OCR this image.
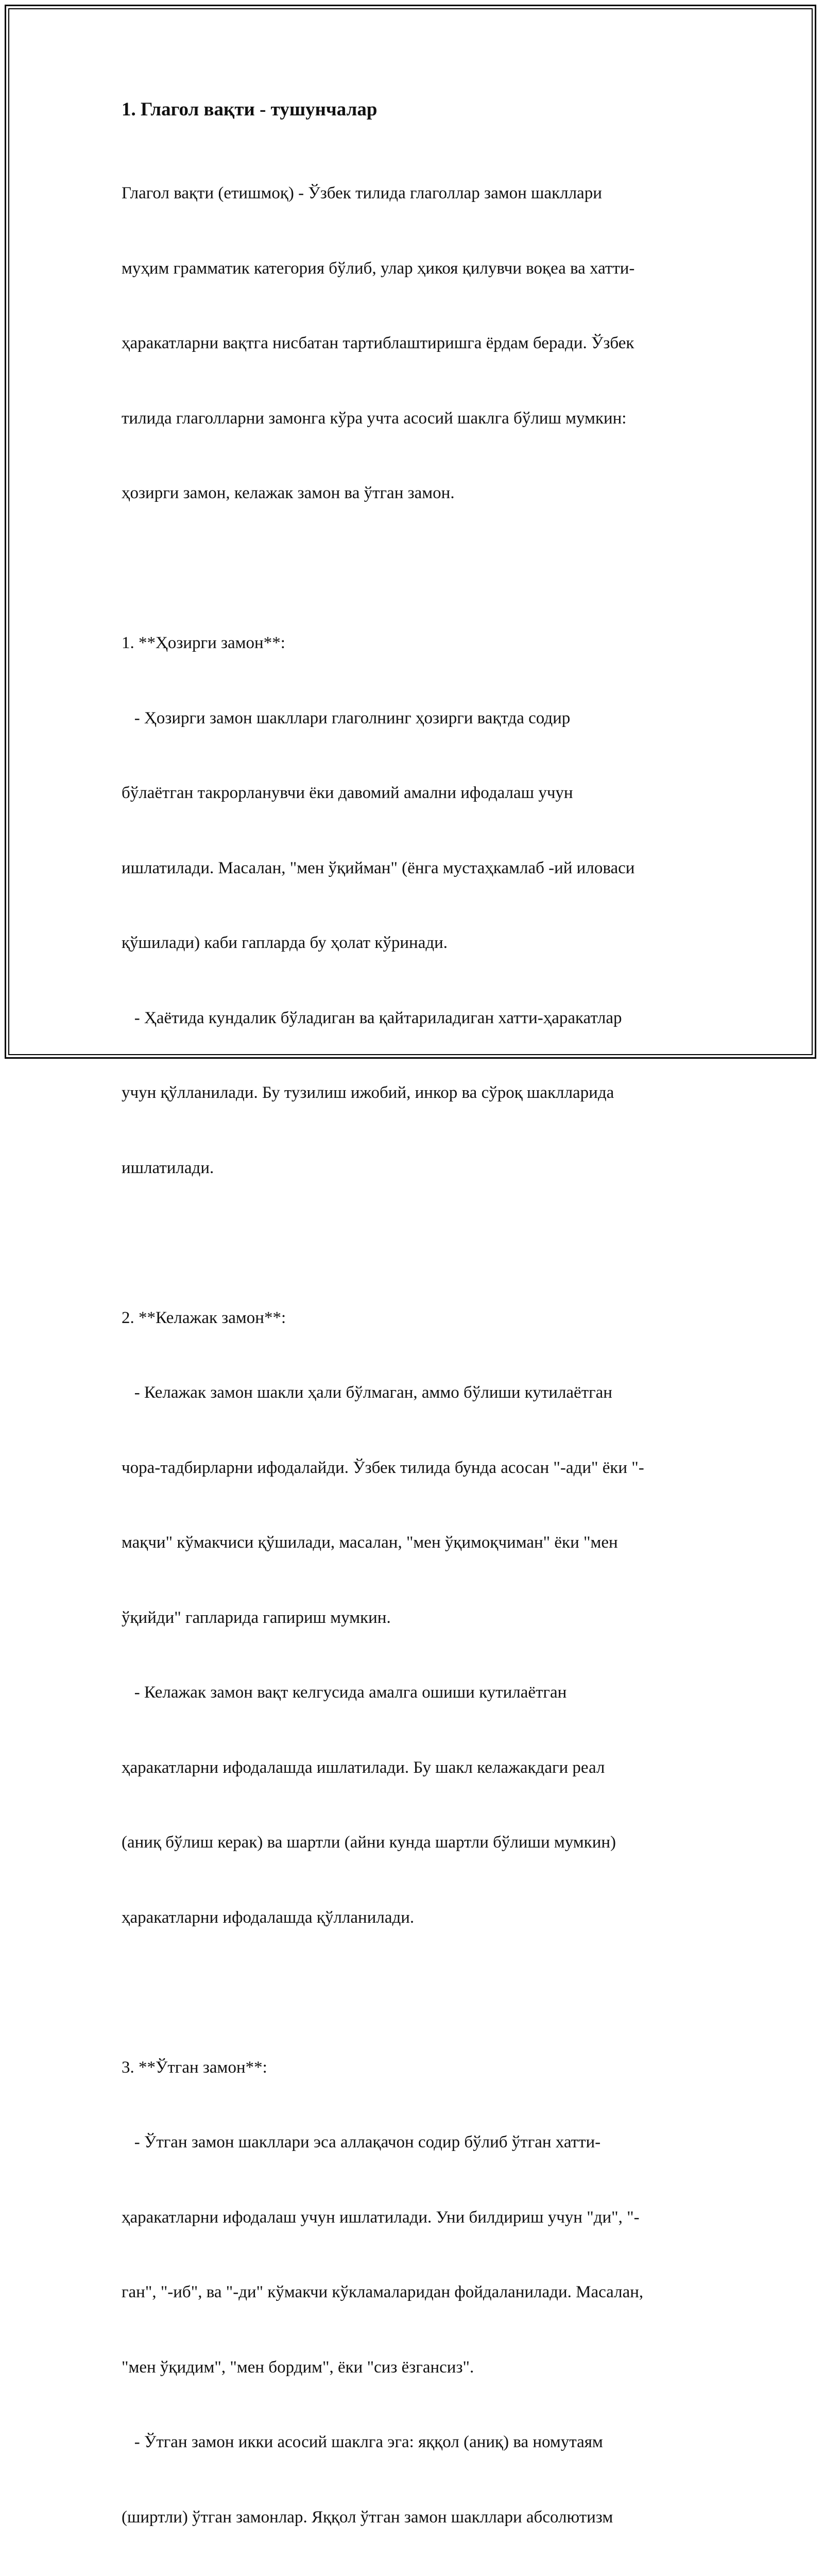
1. Глагол вақти - тушунчалар

Глагол вақти (етишмоқ) - Ўзбек тилида глаголлар замон шакллари

муҳим грамматик категория бўлиб, улар ҳикоя қилувчи воқеа ва хатти-

ҳаракатларни вақтга нисбатан тартиблаштиришга ёрдам беради. Ўзбек

тилида глаголларни замонга кўра учта асосий шаклга бўлиш мумкин:

ҳозирги замон, келажак замон ва ўтган замон.

1. **Ҳозирги замон**:

- Ҳозирги замон шакллари глаголнинг ҳозирги вақтда содир

бўлаётган такрорланувчи ёки давомий амални ифодалаш учун

ишлатилади. Масалан, "мен ўқийман" (ёнга мустаҳкамлаб -ий иловаси

қўшилади) каби гапларда бу ҳолат кўринади.

- Ҳаётида кундалик бўладиган ва қайтариладиган хатти-ҳаракатлар

учун қўлланилади. Бу тузилиш ижобий, инкор ва сўроқ шаклларида

ишлатилади.

2. **Келажак замон**:

- Келажак замон шакли ҳали бўлмаган, аммо бўлиши кутилаётган

чора-тадбирларни ифодалайди. Ўзбек тилида бунда асосан "-ади" ёки "-

мақчи" кўмакчиси қўшилади, масалан, "мен ўқимоқчиман" ёки "мен

ўқийди" гапларида гапириш мумкин.

- Келажак замон вақт келгусида амалга ошиши кутилаётган

ҳаракатларни ифодалашда ишлатилади. Бу шакл келажакдаги реал

(аниқ бўлиш керак) ва шартли (айни кунда шартли бўлиши мумкин)

ҳаракатларни ифодалашда қўлланилади.

3. **Ўтган замон**:

- Ўтган замон шакллари эса аллақачон содир бўлиб ўтган хатти-

ҳаракатларни ифодалаш учун ишлатилади. Уни билдириш учун "ди", "-

ган", "-иб", ва "-ди" кўмакчи кўкламаларидан фойдаланилади. Масалан,

"мен ўқидим", "мен бордим", ёки "сиз ёзгансиз".

- Ўтган замон икки асосий шаклга эга: яққол (аниқ) ва номутаям

(ширтли) ўтган замонлар. Яққол ўтган замон шакллари абсолютизм
